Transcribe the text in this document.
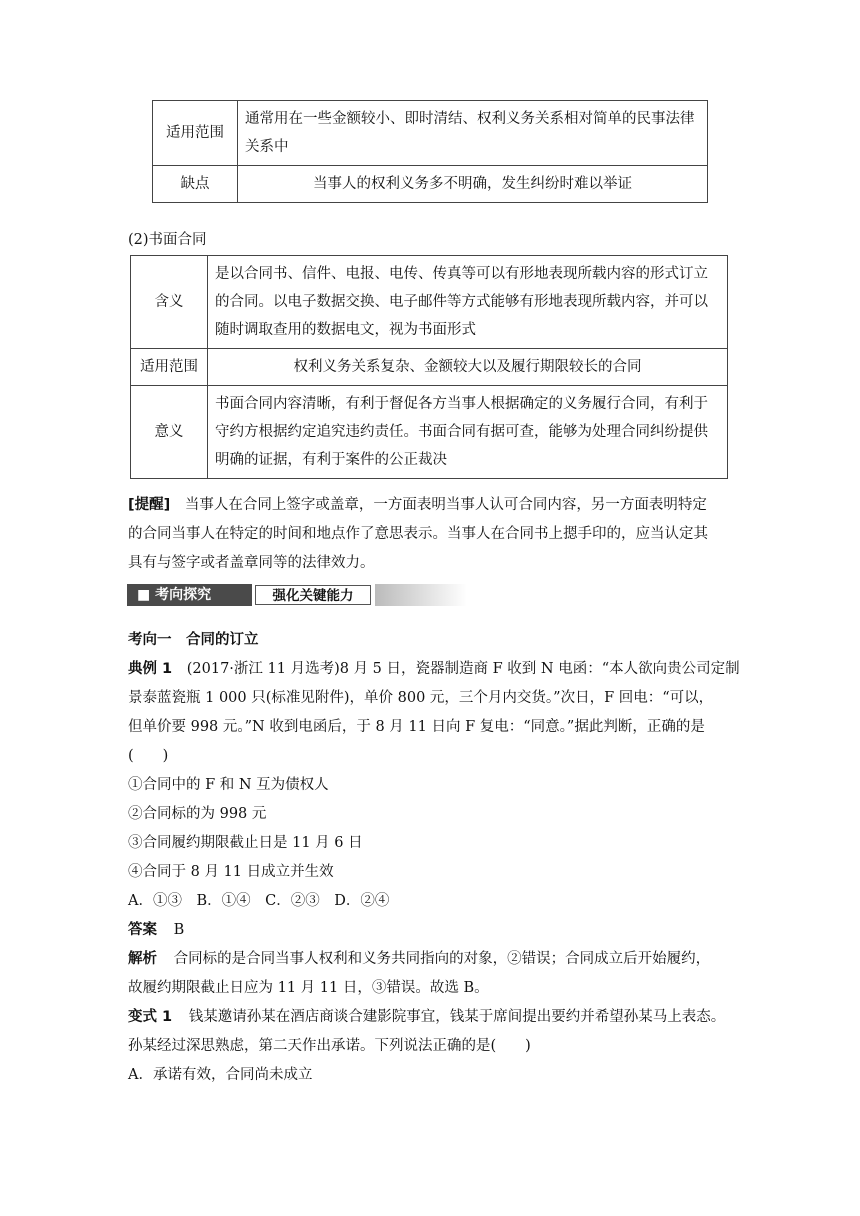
适用范围	通常用在一些金额较小、即时清结、权利义务关系相对简单的民事法律关系中
缺点	当事人的权利义务多不明确，发生纠纷时难以举证
(2)书面合同
含义	是以合同书、信件、电报、电传、传真等可以有形地表现所载内容的形式订立的合同。以电子数据交换、电子邮件等方式能够有形地表现所载内容，并可以随时调取查用的数据电文，视为书面形式
适用范围	权利义务关系复杂、金额较大以及履行期限较长的合同
意义	书面合同内容清晰，有利于督促各方当事人根据确定的义务履行合同，有利于守约方根据约定追究违约责任。书面合同有据可查，能够为处理合同纠纷提供明确的证据，有利于案件的公正裁决
[提醒] 当事人在合同上签字或盖章，一方面表明当事人认可合同内容，另一方面表明特定
的合同当事人在特定的时间和地点作了意思表示。当事人在合同书上摁手印的，应当认定其
具有与签字或者盖章同等的法律效力。
■ 考向探究	强化关键能力
考向一　合同的订立
典例 1 (2017·浙江 11 月选考)8 月 5 日，瓷器制造商 F 收到 N 电函：“本人欲向贵公司定制
景泰蓝瓷瓶 1 000 只(标准见附件)，单价 800 元，三个月内交货。”次日，F 回电：“可以，
但单价要 998 元。”N 收到电函后，于 8 月 11 日向 F 复电：“同意。”据此判断，正确的是
(　　)
①合同中的 F 和 N 互为债权人
②合同标的为 998 元
③合同履约期限截止日是 11 月 6 日
④合同于 8 月 11 日成立并生效
A．①③　B．①④　C．②③　D．②④
答案 B
解析 合同标的是合同当事人权利和义务共同指向的对象，②错误；合同成立后开始履约，
故履约期限截止日应为 11 月 11 日，③错误。故选 B。
变式 1 钱某邀请孙某在酒店商谈合建影院事宜，钱某于席间提出要约并希望孙某马上表态。
孙某经过深思熟虑，第二天作出承诺。下列说法正确的是(　　)
A．承诺有效，合同尚未成立
